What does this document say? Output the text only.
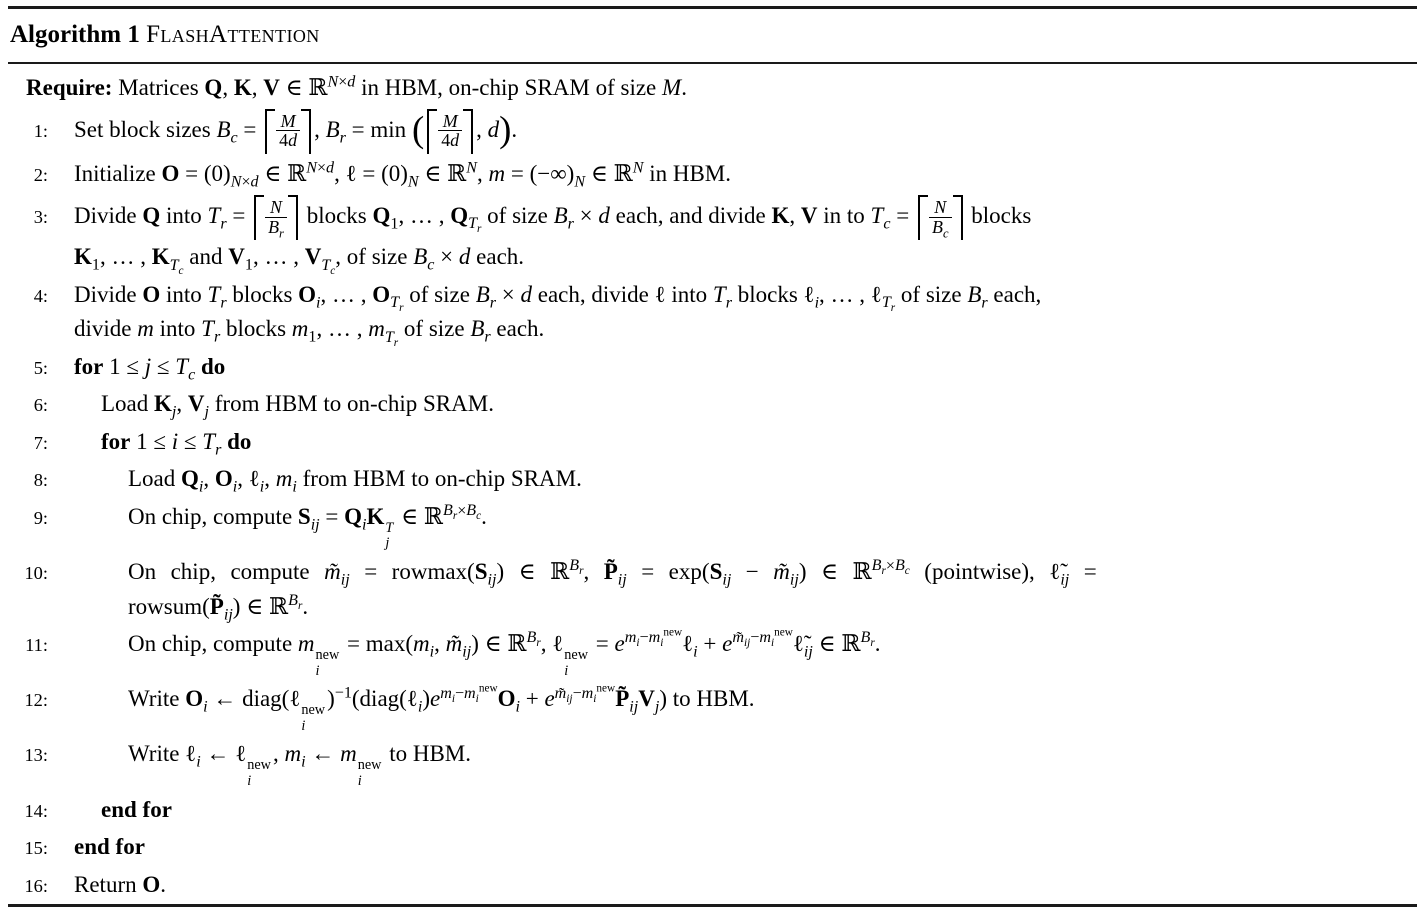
Algorithm 1 FlashAttention
Require: Matrices Q, K, V ∈ ℝ$^{N\times d}$ in HBM, on-chip SRAM of size M.
1:	Set block sizes $B_c = \frac{M}{4d}$ , $B_r = \min$ ( $\frac{M}{4d}$ , d).
2:	Initialize $O = (0)_{N\times d}$ ∈ ℝ$^{N\times d}$, ℓ = $(0)_N$ ∈ ℝ$^N$, $m = (-\infty)_N$ ∈ ℝ$^N$ in HBM.
3:	Divide Q into $T_r = \frac{N}{B_r}$ blocks $Q_1$, … , $Q_{T_r}$ of size $B_r \times d$ each, and divide K, V in to $T_c = \frac{N}{B_c}$ blocks
$K_1$, … , $K_{T_c}$ and $V_1$, … , $V_{T_c}$, of size $B_c \times d$ each.
4:	Divide O into $T_r$ blocks $O_i$, … , $O_{T_r}$ of size $B_r \times d$ each, divide ℓ into $T_r$ blocks ℓ$_i$, … , ℓ$_{T_r}$ of size $B_r$ each,
divide m into $T_r$ blocks $m_1$, … , $m_{T_r}$ of size $B_r$ each.
5:	for $1 \le j \le T_c$ do
6:	Load $K_j$, $V_j$ from HBM to on-chip SRAM.
7:	for $1 \le i \le T_r$ do
8:	Load $Q_i$, $O_i$, ℓ$_i$, $m_i$ from HBM to on-chip SRAM.
9:	On chip, compute $S_{ij} = Q_iK$ T
j
∈ ℝ$^{B_r\times B_c}$.
10:	On chip, compute $m̃_{ij} = rowmax(S_{ij})$ ∈ ℝ$^{B_r}$, $P̃_{ij} = \exp(S_{ij}$ − $m̃_{ij}$) ∈ ℝ$^{B_r\times B_c}$ (pointwise), $\ell̃_{ij}$ =
$rowsum(P̃_{ij})$ ∈ ℝ$^{B_r}$.
11:	On chip, compute m new
i
= $\max(m_i$, $m̃_{ij}$) ∈ ℝ$^{B_r}$, ℓ new
i
= $e^{m_i-m_i^{new}}\ell_i$ + $e^{m̃_{ij}-m_i^{new}}\ell̃_{ij}$ ∈ ℝ$^{B_r}$.
12:	Write $O_i$ ← diag(ℓ new
i
)$^{-1}(diag(\ell_i)e^{m_i-m_i^{new}}O_i$ + $e^{m̃_{ij}-m_i^{new}}P̃_{ij}V_j$) to HBM.
13:	Write ℓ$_i$ ← ℓ new
i
, $m_i$ ← m new
i
to HBM.
14:	end for
15:	end for
16:	Return O.
